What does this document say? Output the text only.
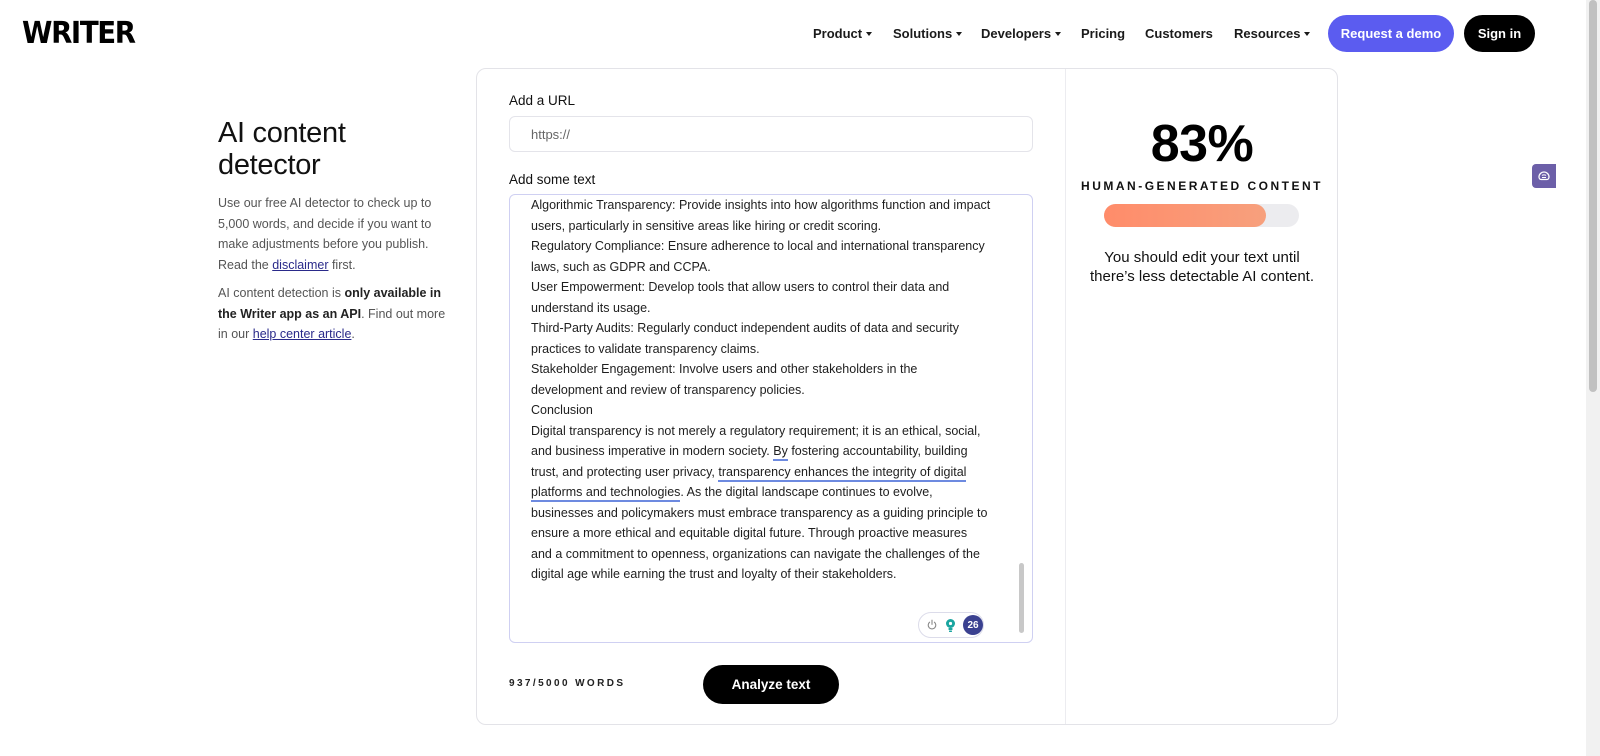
WRITER	Product	Solutions	Developers	Pricing Customers Resources	Request a demo	Sign in
AI content
detector

Use our free AI detector to check up to 5,000 words, and decide if you want to make adjustments before you publish. Read the disclaimer first.

AI content detection is only available in the Writer app as an API. Find out more in our help center article.

Add a URL
https://
Add some text

Algorithmic Transparency: Provide insights into how algorithms function and impact users, particularly in sensitive areas like hiring or credit scoring.

Regulatory Compliance: Ensure adherence to local and international transparency laws, such as GDPR and CCPA.

User Empowerment: Develop tools that allow users to control their data and understand its usage.

Third-Party Audits: Regularly conduct independent audits of data and security practices to validate transparency claims.

Stakeholder Engagement: Involve users and other stakeholders in the development and review of transparency policies.

Conclusion

Digital transparency is not merely a regulatory requirement; it is an ethical, social, and business imperative in modern society. By fostering accountability, building trust, and protecting user privacy, transparency enhances the integrity of digital platforms and technologies. As the digital landscape continues to evolve, businesses and policymakers must embrace transparency as a guiding principle to ensure a more ethical and equitable digital future. Through proactive measures and a commitment to openness, organizations can navigate the challenges of the digital age while earning the trust and loyalty of their stakeholders.

26
937/5000 WORDS	Analyze text
83%
HUMAN-GENERATED CONTENT
You should edit your text until there’s less detectable AI content.
